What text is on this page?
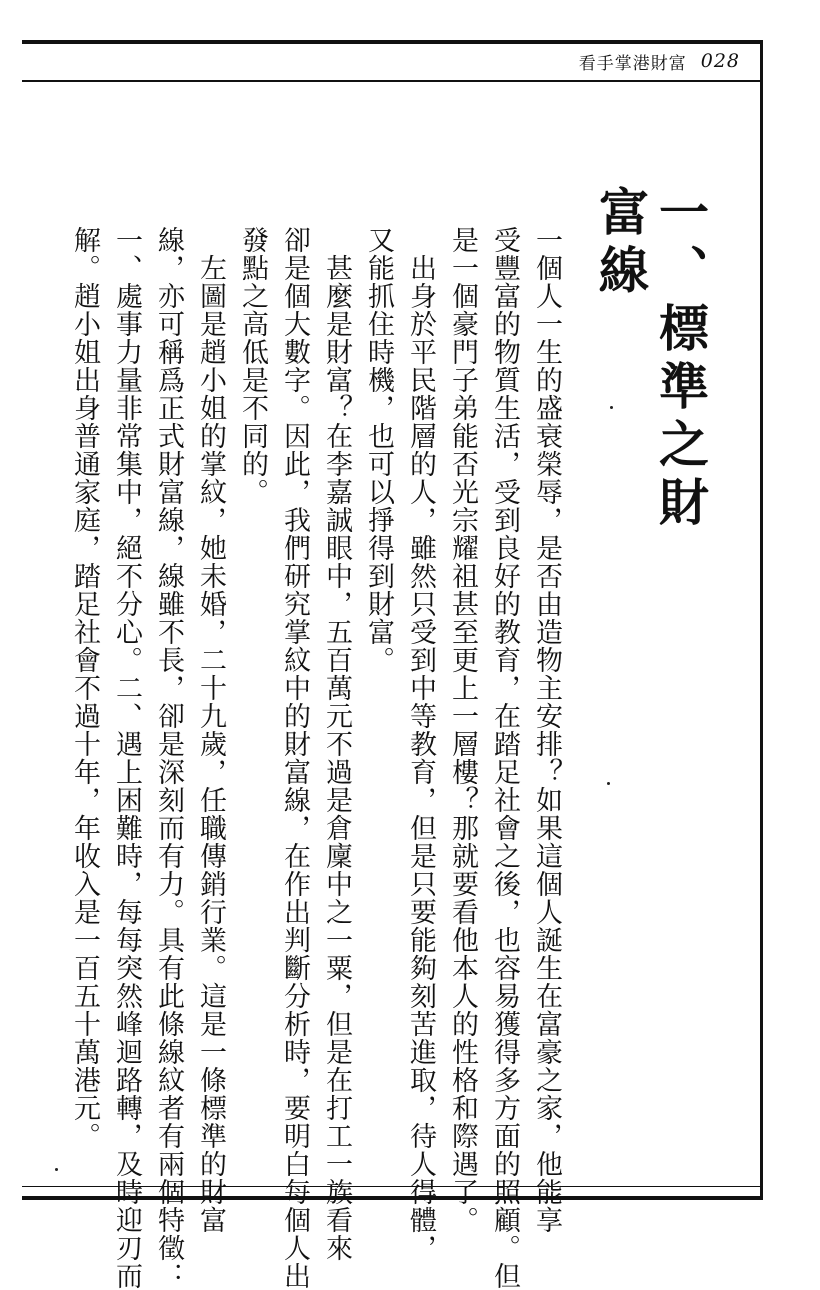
看手掌港財富 028
一、標準之財富線
一個人一生的盛衰榮辱，是否由造物主安排？如果這個人誕生在富豪之家，他能享
受豐富的物質生活，受到良好的教育，在踏足社會之後，也容易獲得多方面的照顧。但
是一個豪門子弟能否光宗耀祖甚至更上一層樓？那就要看他本人的性格和際遇了。
　出身於平民階層的人，雖然只受到中等教育，但是只要能夠刻苦進取，待人得體，
又能抓住時機，也可以掙得到財富。
　甚麼是財富？在李嘉誠眼中，五百萬元不過是倉廩中之一粟，但是在打工一族看來
卻是個大數字。因此，我們研究掌紋中的財富線，在作出判斷分析時，要明白每個人出
發點之高低是不同的。
　左圖是趙小姐的掌紋，她未婚，二十九歲，任職傳銷行業。這是一條標準的財富
線，亦可稱爲正式財富線，線雖不長，卻是深刻而有力。具有此條線紋者有兩個特徵：
一、處事力量非常集中，絕不分心。二、遇上困難時，每每突然峰迴路轉，及時迎刃而
解。趙小姐出身普通家庭，踏足社會不過十年，年收入是一百五十萬港元。
